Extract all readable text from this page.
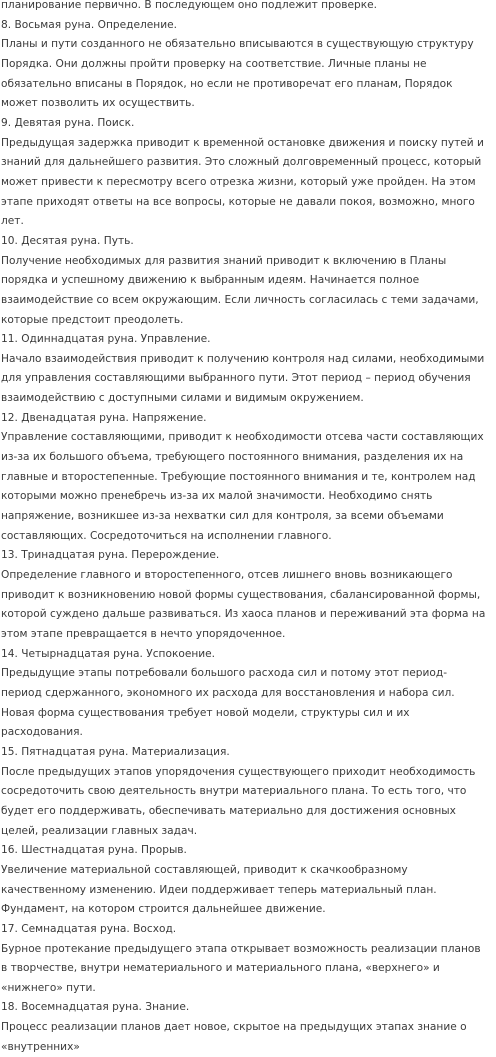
планирование первично. В последующем оно подлежит проверке.

8. Восьмая руна. Определение.

Планы и пути созданного не обязательно вписываются в существующую структуру Порядка. Они должны пройти проверку на соответствие. Личные планы не обязательно вписаны в Порядок, но если не противоречат его планам, Порядок может позволить их осуществить.

9. Девятая руна. Поиск.

Предыдущая задержка приводит к временной остановке движения и поиску путей и знаний для дальнейшего развития. Это сложный долговременный процесс, который может привести к пересмотру всего отрезка жизни, который уже пройден. На этом этапе приходят ответы на все вопросы, которые не давали покоя, возможно, много лет.

10. Десятая руна. Путь.

Получение необходимых для развития знаний приводит к включению в Планы порядка и успешному движению к выбранным идеям. Начинается полное взаимодействие со всем окружающим. Если личность согласилась с теми задачами, которые предстоит преодолеть.

11. Одиннадцатая руна. Управление.

Начало взаимодействия приводит к получению контроля над силами, необходимыми для управления составляющими выбранного пути. Этот период – период обучения взаимодействию с доступными силами и видимым окружением.

12. Двенадцатая руна. Напряжение.

Управление составляющими, приводит к необходимости отсева части составляющих из-за их большого объема, требующего постоянного внимания, разделения их на главные и второстепенные. Требующие постоянного внимания и те, контролем над которыми можно пренебречь из-за их малой значимости. Необходимо снять напряжение, возникшее из-за нехватки сил для контроля, за всеми объемами составляющих. Сосредоточиться на исполнении главного.

13. Тринадцатая руна. Перерождение.

Определение главного и второстепенного, отсев лишнего вновь возникающего приводит к возникновению новой формы существования, сбалансированной формы, которой суждено дальше развиваться. Из хаоса планов и переживаний эта форма на этом этапе превращается в нечто упорядоченное.

14. Четырнадцатая руна. Успокоение.

Предыдущие этапы потребовали большого расхода сил и потому этот период- период сдержанного, экономного их расхода для восстановления и набора сил. Новая форма существования требует новой модели, структуры сил и их расходования.

15. Пятнадцатая руна. Материализация.

После предыдущих этапов упорядочения существующего приходит необходимость сосредоточить свою деятельность внутри материального плана. То есть того, что будет его поддерживать, обеспечивать материально для достижения основных целей, реализации главных задач.

16. Шестнадцатая руна. Прорыв.

Увеличение материальной составляющей, приводит к скачкообразному качественному изменению. Идеи поддерживает теперь материальный план. Фундамент, на котором строится дальнейшее движение.

17. Семнадцатая руна. Восход.

Бурное протекание предыдущего этапа открывает возможность реализации планов в творчестве, внутри нематериального и материального плана, «верхнего» и «нижнего» пути.

18. Восемнадцатая руна. Знание.

Процесс реализации планов дает новое, скрытое на предыдущих этапах знание о «внутренних»
